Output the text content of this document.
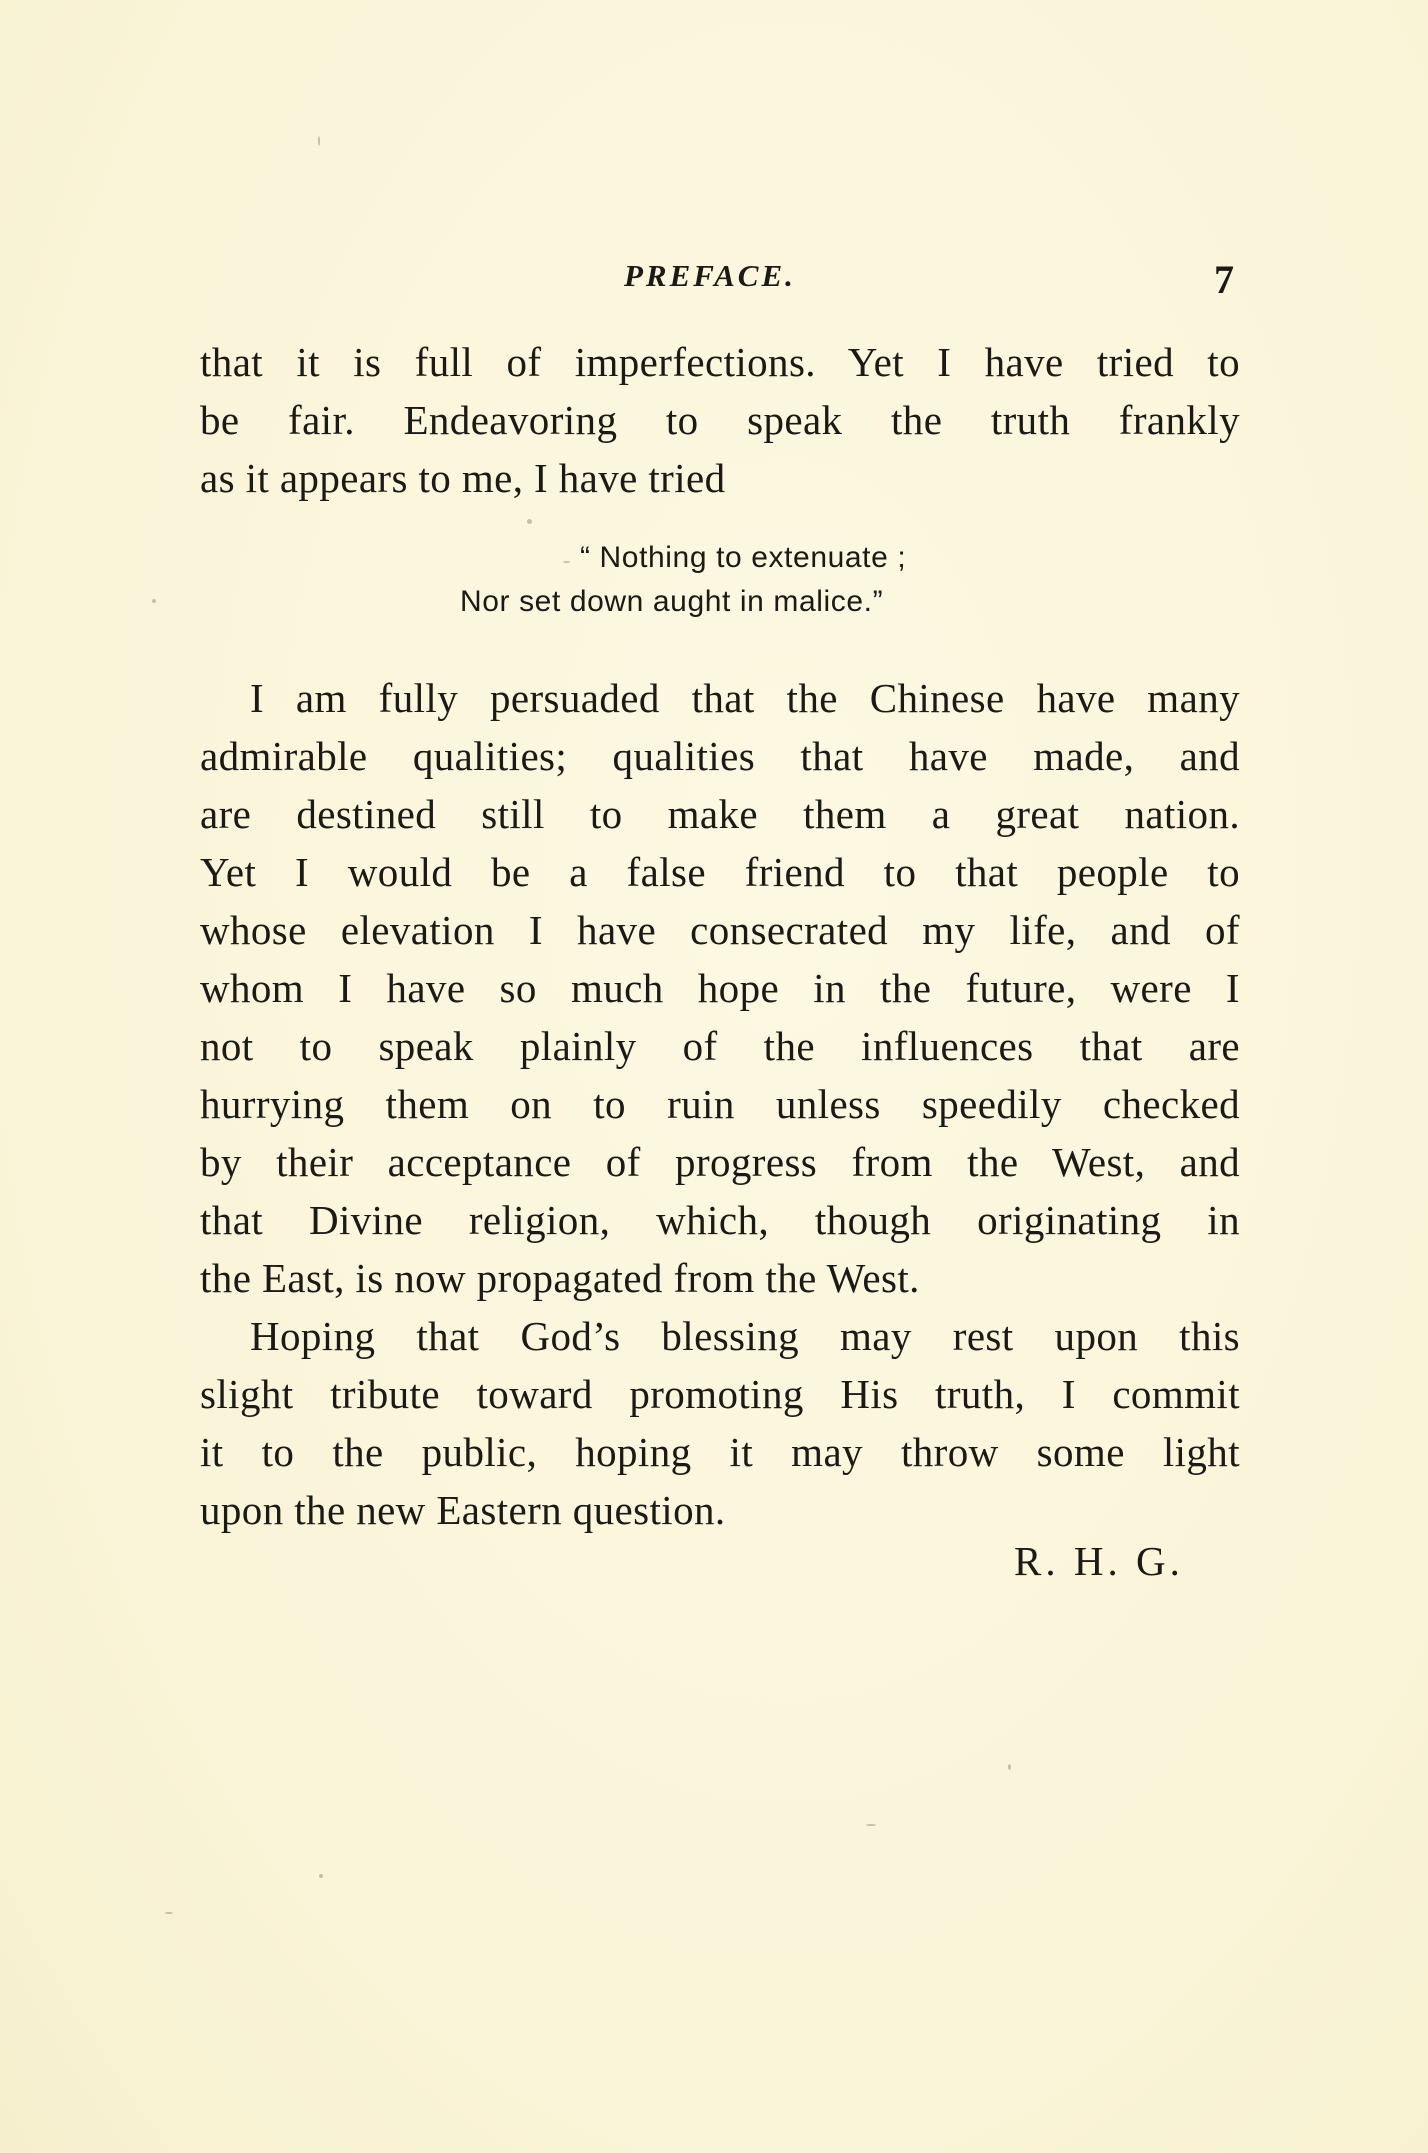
PREFACE.	7
that it is full of imperfections. Yet I have tried to
be fair. Endeavoring to speak the truth frankly
as it appears to me, I have tried
“ Nothing to extenuate ;
Nor set down aught in malice.”
I am fully persuaded that the Chinese have many
admirable qualities; qualities that have made, and
are destined still to make them a great nation.
Yet I would be a false friend to that people to
whose elevation I have consecrated my life, and of
whom I have so much hope in the future, were I
not to speak plainly of the influences that are
hurrying them on to ruin unless speedily checked
by their acceptance of progress from the West, and
that Divine religion, which, though originating in
the East, is now propagated from the West.
Hoping that God’s blessing may rest upon this
slight tribute toward promoting His truth, I commit
it to the public, hoping it may throw some light
upon the new Eastern question.
R. H. G.
